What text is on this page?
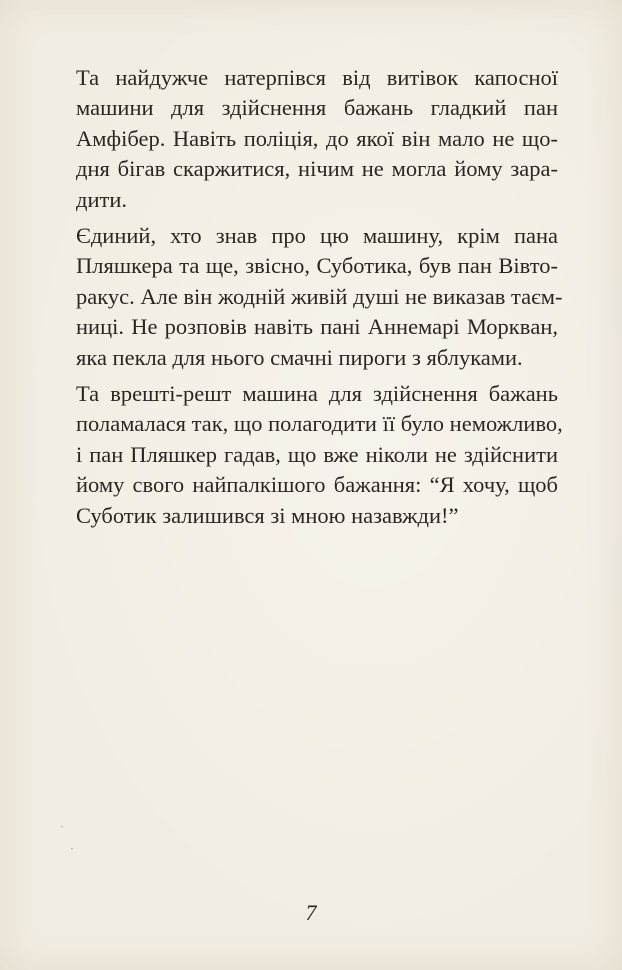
Та найдужче натерпівся від витівок капосної
машини для здійснення бажань гладкий пан
Амфібер. Навіть поліція, до якої він мало не що-
дня бігав скаржитися, нічим не могла йому зара-
дити.

Єдиний, хто знав про цю машину, крім пана
Пляшкера та ще, звісно, Суботика, був пан Вівто-
ракус. Але він жодній живій душі не виказав таєм-
ниці. Не розповів навіть пані Аннемарі Морквaн,
яка пекла для нього смачні пироги з яблуками.

Та врешті-решт машина для здійснення бажань
поламалася так, що полагодити її було неможливо,
і пан Пляшкер гадав, що вже ніколи не здійснити
йому свого найпалкішого бажання: “Я хочу, щоб
Суботик залишився зі мною назавжди!”

·
·
7
